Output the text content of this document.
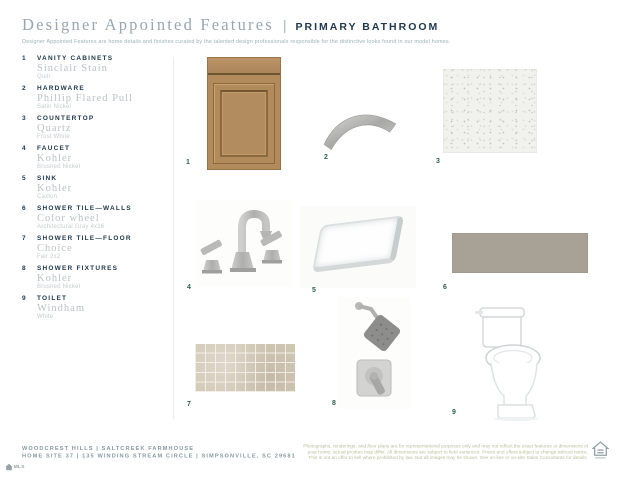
Designer Appointed Features | PRIMARY BATHROOM
Designer Appointed Features are home details and finishes curated by the talented design professionals responsible for the distinctive looks found in our model homes.
1	VANITY CABINETS
Sinclair Stain
Quill
2	HARDWARE
Phillip Flared Pull
Satin Nickel
3	COUNTERTOP
Quartz
Frost White
4	FAUCET
Kohler
Brushed Nickel
5	SINK
Kohler
Caxton
6	SHOWER TILE—WALLS
Color wheel
Architectural Gray 4x16
7	SHOWER TILE—FLOOR
Choice
Fair 2x2
8	SHOWER FIXTURES
Kohler
Brushed Nickel
9	TOILET
Windham
White
1
2
3
4	5	6
7	8
9
WOODCREST HILLS | SALTCREEK FARMHOUSE
HOME SITE 37 | 135 WINDING STREAM CIRCLE | SIMPSONVILLE, SC 29681
MLS
Photographs, renderings, and floor plans are for representational purposes only and may not reflect the exact features or dimensions of
your home; actual product may differ. All dimensions are subject to field variances. Prices and offers subject to change without notice.
This is not an offer to sell where prohibited by law. Not all images may be shown. See on-line or on-site Sales Consultants for details.
